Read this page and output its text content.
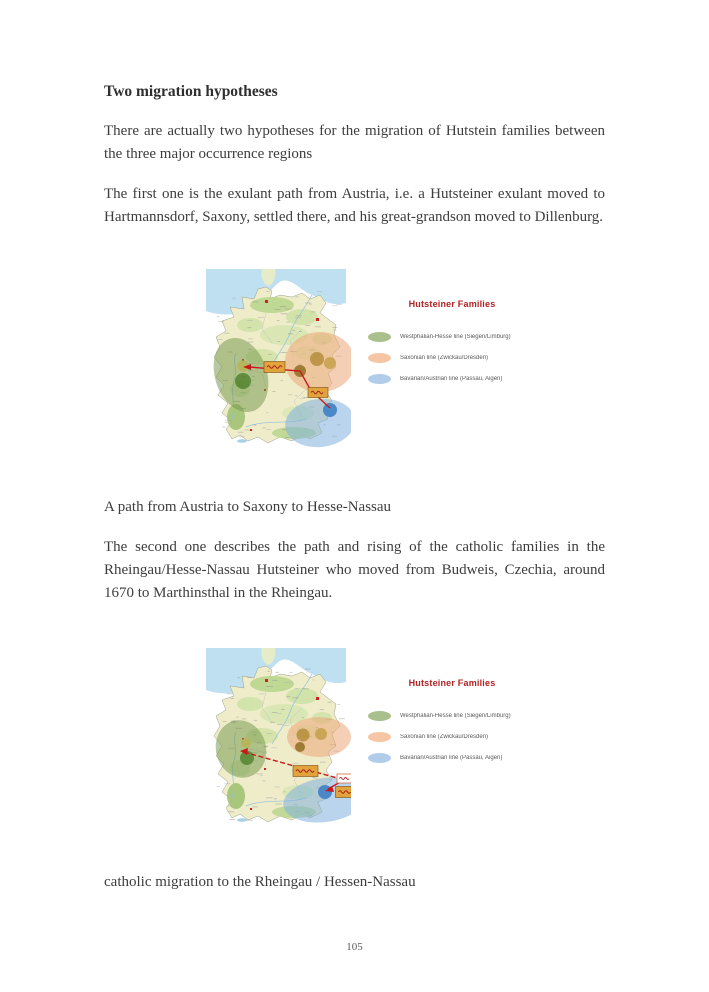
Two migration hypotheses

There are actually two hypotheses for the migration of Hutstein families between the three major occurrence regions

The first one is the exulant path from Austria, i.e. a Hutsteiner exulant moved to Hartmannsdorf, Saxony, settled there, and his great-grandson moved to Dillenburg.

Hutsteiner Families
Westphalian-Hesse line (Siegen/Limburg)
Saxonian line (Zwickau/Dresden)
Bavarian/Austrian line (Passau, Aigen)

A path from Austria to Saxony to Hesse-Nassau

The second one describes the path and rising of the catholic families in the Rheingau/Hesse-Nassau Hutsteiner who moved from Budweis, Czechia, around 1670 to Marthinsthal in the Rheingau.

Hutsteiner Families
Westphalian-Hesse line (Siegen/Limburg)
Saxonian line (Zwickau/Dresden)
Bavarian/Austrian line (Passau, Aigen)

catholic migration to the Rheingau / Hessen-Nassau

105
